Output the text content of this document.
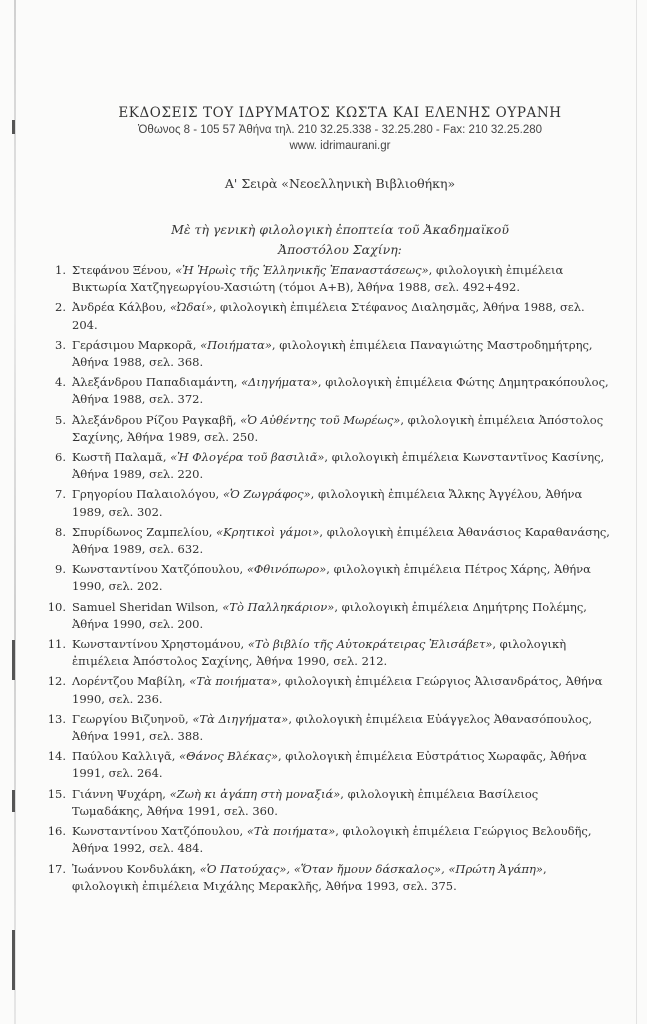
ΕΚΔΟΣΕΙΣ ΤΟΥ ΙΔΡΥΜΑΤΟΣ ΚΩΣΤΑ ΚΑΙ ΕΛΕΝΗΣ ΟΥΡΑΝΗ
Ὀθωνος 8 - 105 57 Ἀθήνα τηλ. 210 32.25.338 - 32.25.280 - Fax: 210 32.25.280
www. idrimaurani.gr
Α' Σειρὰ «Νεοελληνικὴ Βιβλιοθήκη»
Μὲ τὴ γενικὴ φιλολογικὴ ἐποπτεία τοῦ Ἀκαδημαϊκοῦ
Ἀποστόλου Σαχίνη:
1. Στεφάνου Ξένου, «Ἡ Ἡρωὶς τῆς Ἑλληνικῆς Ἐπαναστάσεως», φιλολογικὴ ἐπιμέλεια Βικτωρία Χατζηγεωργίου-Χασιώτη (τόμοι Α+Β), Ἀθήνα 1988, σελ. 492+492.
2. Ἀνδρέα Κάλβου, «Ὠδαί», φιλολογικὴ ἐπιμέλεια Στέφανος Διαλησμᾶς, Ἀθήνα 1988, σελ. 204.
3. Γεράσιμου Μαρκορᾶ, «Ποιήματα», φιλολογικὴ ἐπιμέλεια Παναγιώτης Μαστροδημήτρης, Ἀθήνα 1988, σελ. 368.
4. Ἀλεξάνδρου Παπαδιαμάντη, «Διηγήματα», φιλολογικὴ ἐπιμέλεια Φώτης Δημητρακόπουλος, Ἀθήνα 1988, σελ. 372.
5. Ἀλεξάνδρου Ρίζου Ραγκαβῆ, «Ὁ Αὐθέντης τοῦ Μωρέως», φιλολογικὴ ἐπιμέλεια Ἀπόστολος Σαχίνης, Ἀθήνα 1989, σελ. 250.
6. Κωστῆ Παλαμᾶ, «Ἡ Φλογέρα τοῦ βασιλιᾶ», φιλολογικὴ ἐπιμέλεια Κωνσταντῖνος Κασίνης, Ἀθήνα 1989, σελ. 220.
7. Γρηγορίου Παλαιολόγου, «Ὁ Ζωγράφος», φιλολογικὴ ἐπιμέλεια Ἄλκης Ἀγγέλου, Ἀθήνα 1989, σελ. 302.
8. Σπυρίδωνος Ζαμπελίου, «Κρητικοὶ γάμοι», φιλολογικὴ ἐπιμέλεια Ἀθανάσιος Καραθανάσης, Ἀθήνα 1989, σελ. 632.
9. Κωνσταντίνου Χατζόπουλου, «Φθινόπωρο», φιλολογικὴ ἐπιμέλεια Πέτρος Χάρης, Ἀθήνα 1990, σελ. 202.
10. Samuel Sheridan Wilson, «Τὸ Παλληκάριον», φιλολογικὴ ἐπιμέλεια Δημήτρης Πολέμης, Ἀθήνα 1990, σελ. 200.
11. Κωνσταντίνου Χρηστομάνου, «Τὸ βιβλίο τῆς Αὐτοκράτειρας Ἐλισάβετ», φιλολογικὴ ἐπιμέλεια Ἀπόστολος Σαχίνης, Ἀθήνα 1990, σελ. 212.
12. Λορέντζου Μαβίλη, «Τὰ ποιήματα», φιλολογικὴ ἐπιμέλεια Γεώργιος Ἀλισανδράτος, Ἀθήνα 1990, σελ. 236.
13. Γεωργίου Βιζυηνοῦ, «Τὰ Διηγήματα», φιλολογικὴ ἐπιμέλεια Εὐάγγελος Ἀθανασόπουλος, Ἀθήνα 1991, σελ. 388.
14. Παύλου Καλλιγᾶ, «Θάνος Βλέκας», φιλολογικὴ ἐπιμέλεια Εὐστράτιος Χωραφᾶς, Ἀθήνα 1991, σελ. 264.
15. Γιάννη Ψυχάρη, «Ζωὴ κι ἀγάπη στὴ μοναξιά», φιλολογικὴ ἐπιμέλεια Βασίλειος Τωμαδάκης, Ἀθήνα 1991, σελ. 360.
16. Κωνσταντίνου Χατζόπουλου, «Τὰ ποιήματα», φιλολογικὴ ἐπιμέλεια Γεώργιος Βελουδῆς, Ἀθήνα 1992, σελ. 484.
17. Ἰωάννου Κονδυλάκη, «Ὁ Πατούχας», «Ὅταν ἤμουν δάσκαλος», «Πρώτη Ἀγάπη», φιλολογικὴ ἐπιμέλεια Μιχάλης Μερακλῆς, Ἀθήνα 1993, σελ. 375.
